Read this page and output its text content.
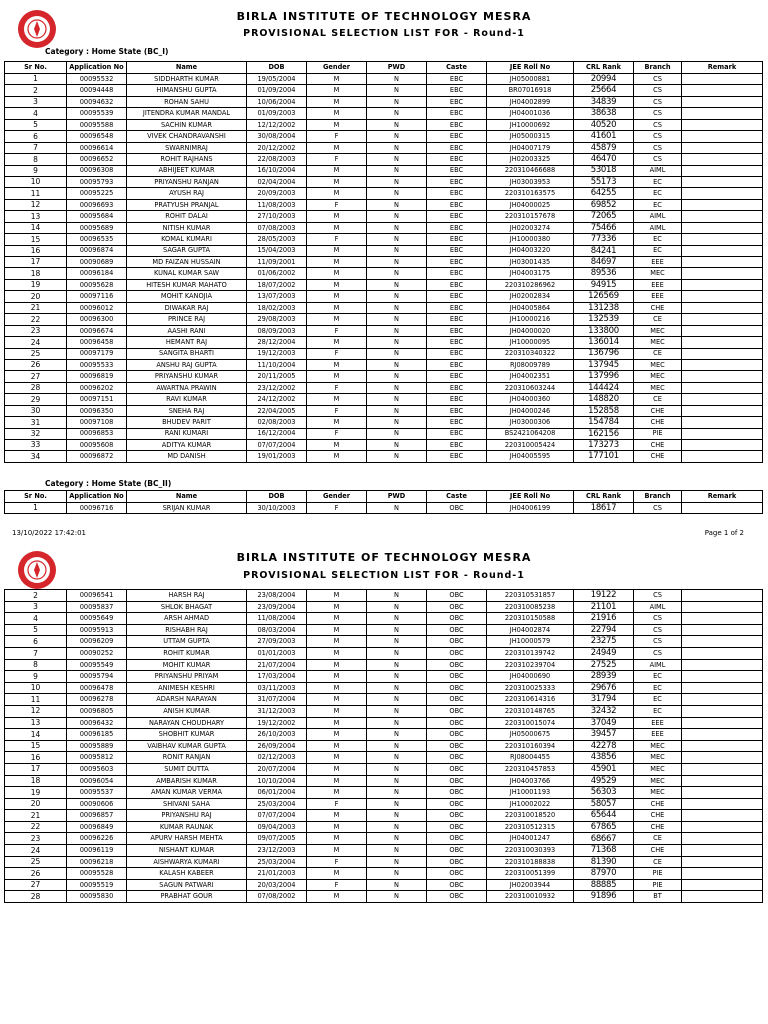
BIRLA INSTITUTE OF TECHNOLOGY MESRA
PROVISIONAL SELECTION LIST FOR - Round-1
Category : Home State (BC_I)
Sr No.	Application No	Name	DOB	Gender	PWD	Caste	JEE Roll No	CRL Rank	Branch	Remark
1	00095532	SIDDHARTH KUMAR	19/05/2004	M	N	EBC	JH05000881	20994	CS	
2	00094448	HIMANSHU GUPTA	01/09/2004	M	N	EBC	BR07016918	25664	CS	
3	00094632	ROHAN SAHU	10/06/2004	M	N	EBC	JH04002899	34839	CS	
4	00095539	JITENDRA KUMAR MANDAL	01/09/2003	M	N	EBC	JH04001036	38638	CS	
5	00095588	SACHIN KUMAR	12/12/2002	M	N	EBC	JH10000692	40520	CS	
6	00096548	VIVEK CHANDRAVANSHI	30/08/2004	F	N	EBC	JH05000315	41601	CS	
7	00096614	SWARNIMRAJ	20/12/2002	M	N	EBC	JH04007179	45879	CS	
8	00096652	ROHIT RAJHANS	22/08/2003	F	N	EBC	JH02003325	46470	CS	
9	00096308	ABHIJEET KUMAR	16/10/2004	M	N	EBC	220310466688	53018	AIML	
10	00095793	PRIYANSHU RANJAN	02/04/2004	M	N	EBC	JH03003953	55173	EC	
11	00095225	AYUSH RAJ	20/09/2003	M	N	EBC	220310163575	64255	EC	
12	00096693	PRATYUSH PRANJAL	11/08/2003	F	N	EBC	JH04000025	69852	EC	
13	00095684	ROHIT DALAI	27/10/2003	M	N	EBC	220310157678	72065	AIML	
14	00095689	NITISH KUMAR	07/08/2003	M	N	EBC	JH02003274	75466	AIML	
15	00096535	KOMAL KUMARI	28/05/2003	F	N	EBC	JH10000380	77336	EC	
16	00096874	SAGAR GUPTA	15/04/2003	M	N	EBC	JH04003220	84241	EC	
17	00090689	MD FAIZAN HUSSAIN	11/09/2001	M	N	EBC	JH03001435	84697	EEE	
18	00096184	KUNAL KUMAR SAW	01/06/2002	M	N	EBC	JH04003175	89536	MEC	
19	00095628	HITESH KUMAR MAHATO	18/07/2002	M	N	EBC	220310286962	94915	EEE	
20	00097116	MOHIT KANOJIA	13/07/2003	M	N	EBC	JH02002834	126569	EEE	
21	00096012	DIWAKAR RAJ	18/02/2003	M	N	EBC	JH04005864	131238	CHE	
22	00096300	PRINCE RAJ	29/08/2003	M	N	EBC	JH10000216	132539	CE	
23	00096674	AASHI RANI	08/09/2003	F	N	EBC	JH04000020	133800	MEC	
24	00096458	HEMANT RAJ	28/12/2004	M	N	EBC	JH10000095	136014	MEC	
25	00097179	SANGITA BHARTI	19/12/2003	F	N	EBC	220310340322	136796	CE	
26	00095533	ANSHU RAJ GUPTA	11/10/2004	M	N	EBC	RJ08009789	137945	MEC	
27	00096819	PRIYANSHU KUMAR	20/11/2005	M	N	EBC	JH04002351	137996	MEC	
28	00096202	AWARTNA PRAWIN	23/12/2002	F	N	EBC	220310603244	144424	MEC	
29	00097151	RAVI KUMAR	24/12/2002	M	N	EBC	JH04000360	148820	CE	
30	00096350	SNEHA RAJ	22/04/2005	F	N	EBC	JH04000246	152858	CHE	
31	00097108	BHUDEV PARIT	02/08/2003	M	N	EBC	JH03000306	154784	CHE	
32	00096853	RANI KUMARI	16/12/2004	F	N	EBC	BS2421064208	162156	PIE	
33	00095608	ADITYA KUMAR	07/07/2004	M	N	EBC	220310005424	173273	CHE	
34	00096872	MD DANISH	19/01/2003	M	N	EBC	JH04005595	177101	CHE	
Category : Home State (BC_II)
Sr No.	Application No	Name	DOB	Gender	PWD	Caste	JEE Roll No	CRL Rank	Branch	Remark
1	00096716	SRIJAN KUMAR	30/10/2003	F	N	OBC	JH04006199	18617	CS	
13/10/2022 17:42:01	Page 1 of 2
BIRLA INSTITUTE OF TECHNOLOGY MESRA
PROVISIONAL SELECTION LIST FOR - Round-1
2	00096541	HARSH RAJ	23/08/2004	M	N	OBC	220310531857	19122	CS	
3	00095837	SHLOK BHAGAT	23/09/2004	M	N	OBC	220310085238	21101	AIML	
4	00095649	ARSH AHMAD	11/08/2004	M	N	OBC	220310150588	21916	CS	
5	00095913	RISHABH RAJ	08/03/2004	M	N	OBC	JH04002874	22794	CS	
6	00096209	UTTAM GUPTA	27/09/2003	M	N	OBC	JH10000579	23275	CS	
7	00090252	ROHIT KUMAR	01/01/2003	M	N	OBC	220310139742	24949	CS	
8	00095549	MOHIT KUMAR	21/07/2004	M	N	OBC	220310239704	27525	AIML	
9	00095794	PRIYANSHU PRIYAM	17/03/2004	M	N	OBC	JH04000690	28939	EC	
10	00096478	ANIMESH KESHRI	03/11/2003	M	N	OBC	220310025333	29676	EC	
11	00096278	ADARSH NARAYAN	31/07/2004	M	N	OBC	220310614316	31794	EC	
12	00096805	ANISH KUMAR	31/12/2003	M	N	OBC	220310148765	32432	EC	
13	00096432	NARAYAN CHOUDHARY	19/12/2002	M	N	OBC	220310015074	37049	EEE	
14	00096185	SHOBHIT KUMAR	26/10/2003	M	N	OBC	JH05000675	39457	EEE	
15	00095889	VAIBHAV KUMAR GUPTA	26/09/2004	M	N	OBC	220310160394	42278	MEC	
16	00095812	RONIT RANJAN	02/12/2003	M	N	OBC	RJ08004455	43856	MEC	
17	00095603	SUMIT DUTTA	20/07/2004	M	N	OBC	220310457853	45901	MEC	
18	00096054	AMBARISH KUMAR	10/10/2004	M	N	OBC	JH04003766	49529	MEC	
19	00095537	AMAN KUMAR VERMA	06/01/2004	M	N	OBC	JH10001193	56303	MEC	
20	00090606	SHIVANI SAHA	25/03/2004	F	N	OBC	JH10002022	58057	CHE	
21	00096857	PRIYANSHU RAJ	07/07/2004	M	N	OBC	220310018520	65644	CHE	
22	00096849	KUMAR RAUNAK	09/04/2003	M	N	OBC	220310512315	67865	CHE	
23	00096226	APURV HARSH MEHTA	09/07/2005	M	N	OBC	JH04001247	68667	CE	
24	00096119	NISHANT KUMAR	23/12/2003	M	N	OBC	220310030393	71368	CHE	
25	00096218	AISHWARYA KUMARI	25/03/2004	F	N	OBC	220310188838	81390	CE	
26	00095528	KALASH KABEER	21/01/2003	M	N	OBC	220310051399	87970	PIE	
27	00095519	SAGUN PATWARI	20/03/2004	F	N	OBC	JH02003944	88885	PIE	
28	00095830	PRABHAT GOUR	07/08/2002	M	N	OBC	220310010932	91896	BT	
